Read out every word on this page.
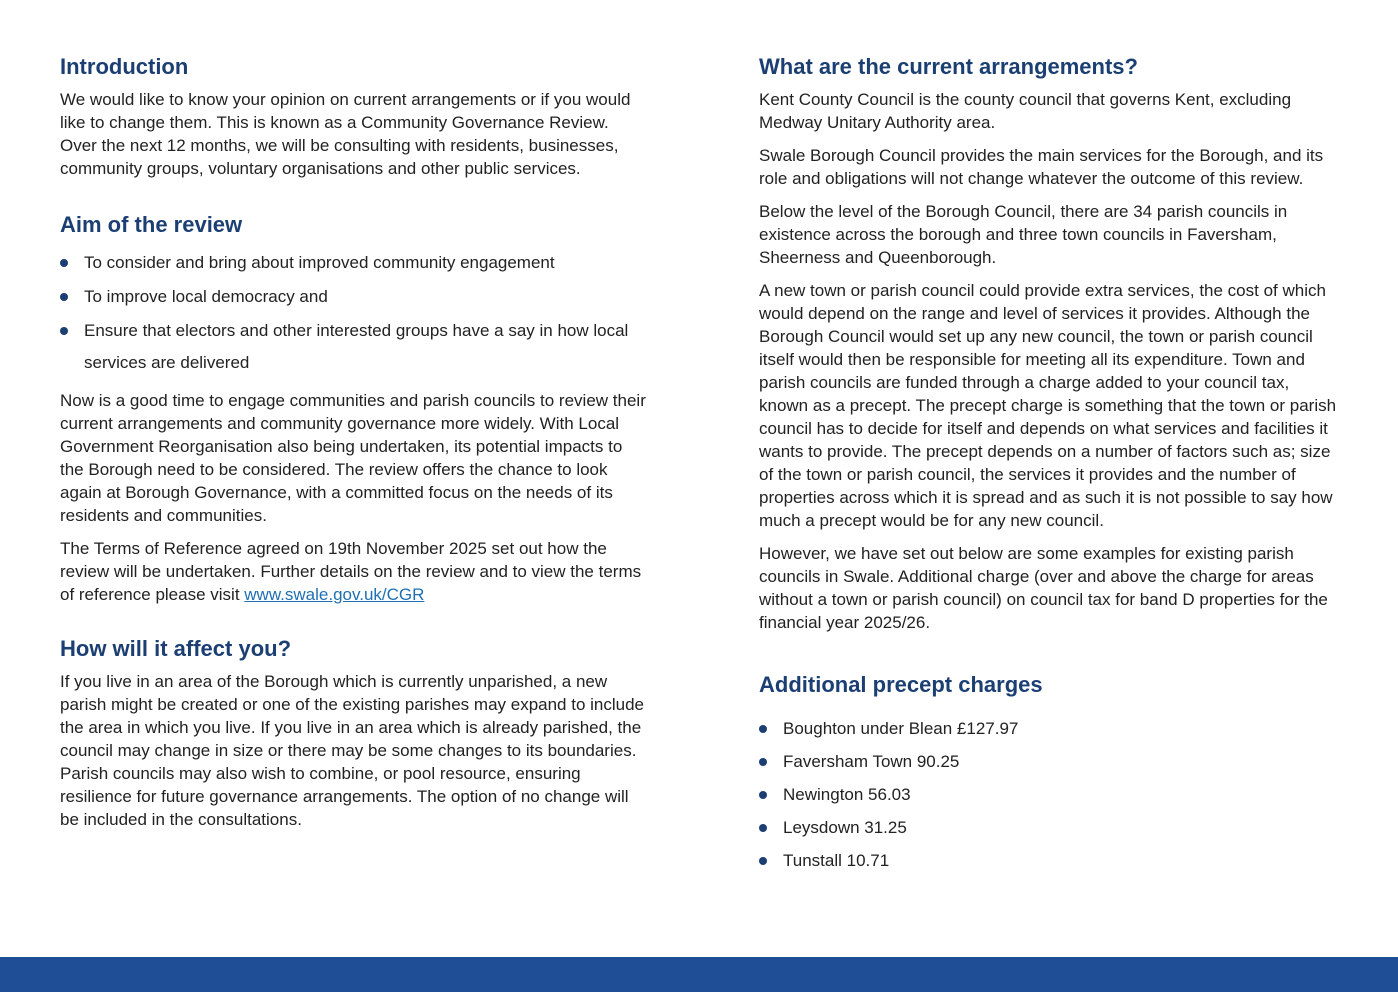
Introduction

We would like to know your opinion on current arrangements or if you would like to change them. This is known as a Community Governance Review. Over the next 12 months, we will be consulting with residents, businesses, community groups, voluntary organisations and other public services.

Aim of the review
To consider and bring about improved community engagement
To improve local democracy and
Ensure that electors and other interested groups have a say in how local services are delivered

Now is a good time to engage communities and parish councils to review their current arrangements and community governance more widely. With Local Government Reorganisation also being undertaken, its potential impacts to the Borough need to be considered. The review offers the chance to look again at Borough Governance, with a committed focus on the needs of its residents and communities.

The Terms of Reference agreed on 19th November 2025 set out how the review will be undertaken. Further details on the review and to view the terms of reference please visit www.swale.gov.uk/CGR

How will it affect you?

If you live in an area of the Borough which is currently unparished, a new parish might be created or one of the existing parishes may expand to include the area in which you live. If you live in an area which is already parished, the council may change in size or there may be some changes to its boundaries. Parish councils may also wish to combine, or pool resource, ensuring resilience for future governance arrangements. The option of no change will be included in the consultations.

What are the current arrangements?

Kent County Council is the county council that governs Kent, excluding Medway Unitary Authority area.

Swale Borough Council provides the main services for the Borough, and its role and obligations will not change whatever the outcome of this review.

Below the level of the Borough Council, there are 34 parish councils in existence across the borough and three town councils in Faversham, Sheerness and Queenborough.

A new town or parish council could provide extra services, the cost of which would depend on the range and level of services it provides. Although the Borough Council would set up any new council, the town or parish council itself would then be responsible for meeting all its expenditure. Town and parish councils are funded through a charge added to your council tax, known as a precept. The precept charge is something that the town or parish council has to decide for itself and depends on what services and facilities it wants to provide. The precept depends on a number of factors such as; size of the town or parish council, the services it provides and the number of properties across which it is spread and as such it is not possible to say how much a precept would be for any new council.

However, we have set out below are some examples for existing parish councils in Swale. Additional charge (over and above the charge for areas without a town or parish council) on council tax for band D properties for the financial year 2025/26.

Additional precept charges
Boughton under Blean £127.97
Faversham Town 90.25
Newington 56.03
Leysdown 31.25
Tunstall 10.71
